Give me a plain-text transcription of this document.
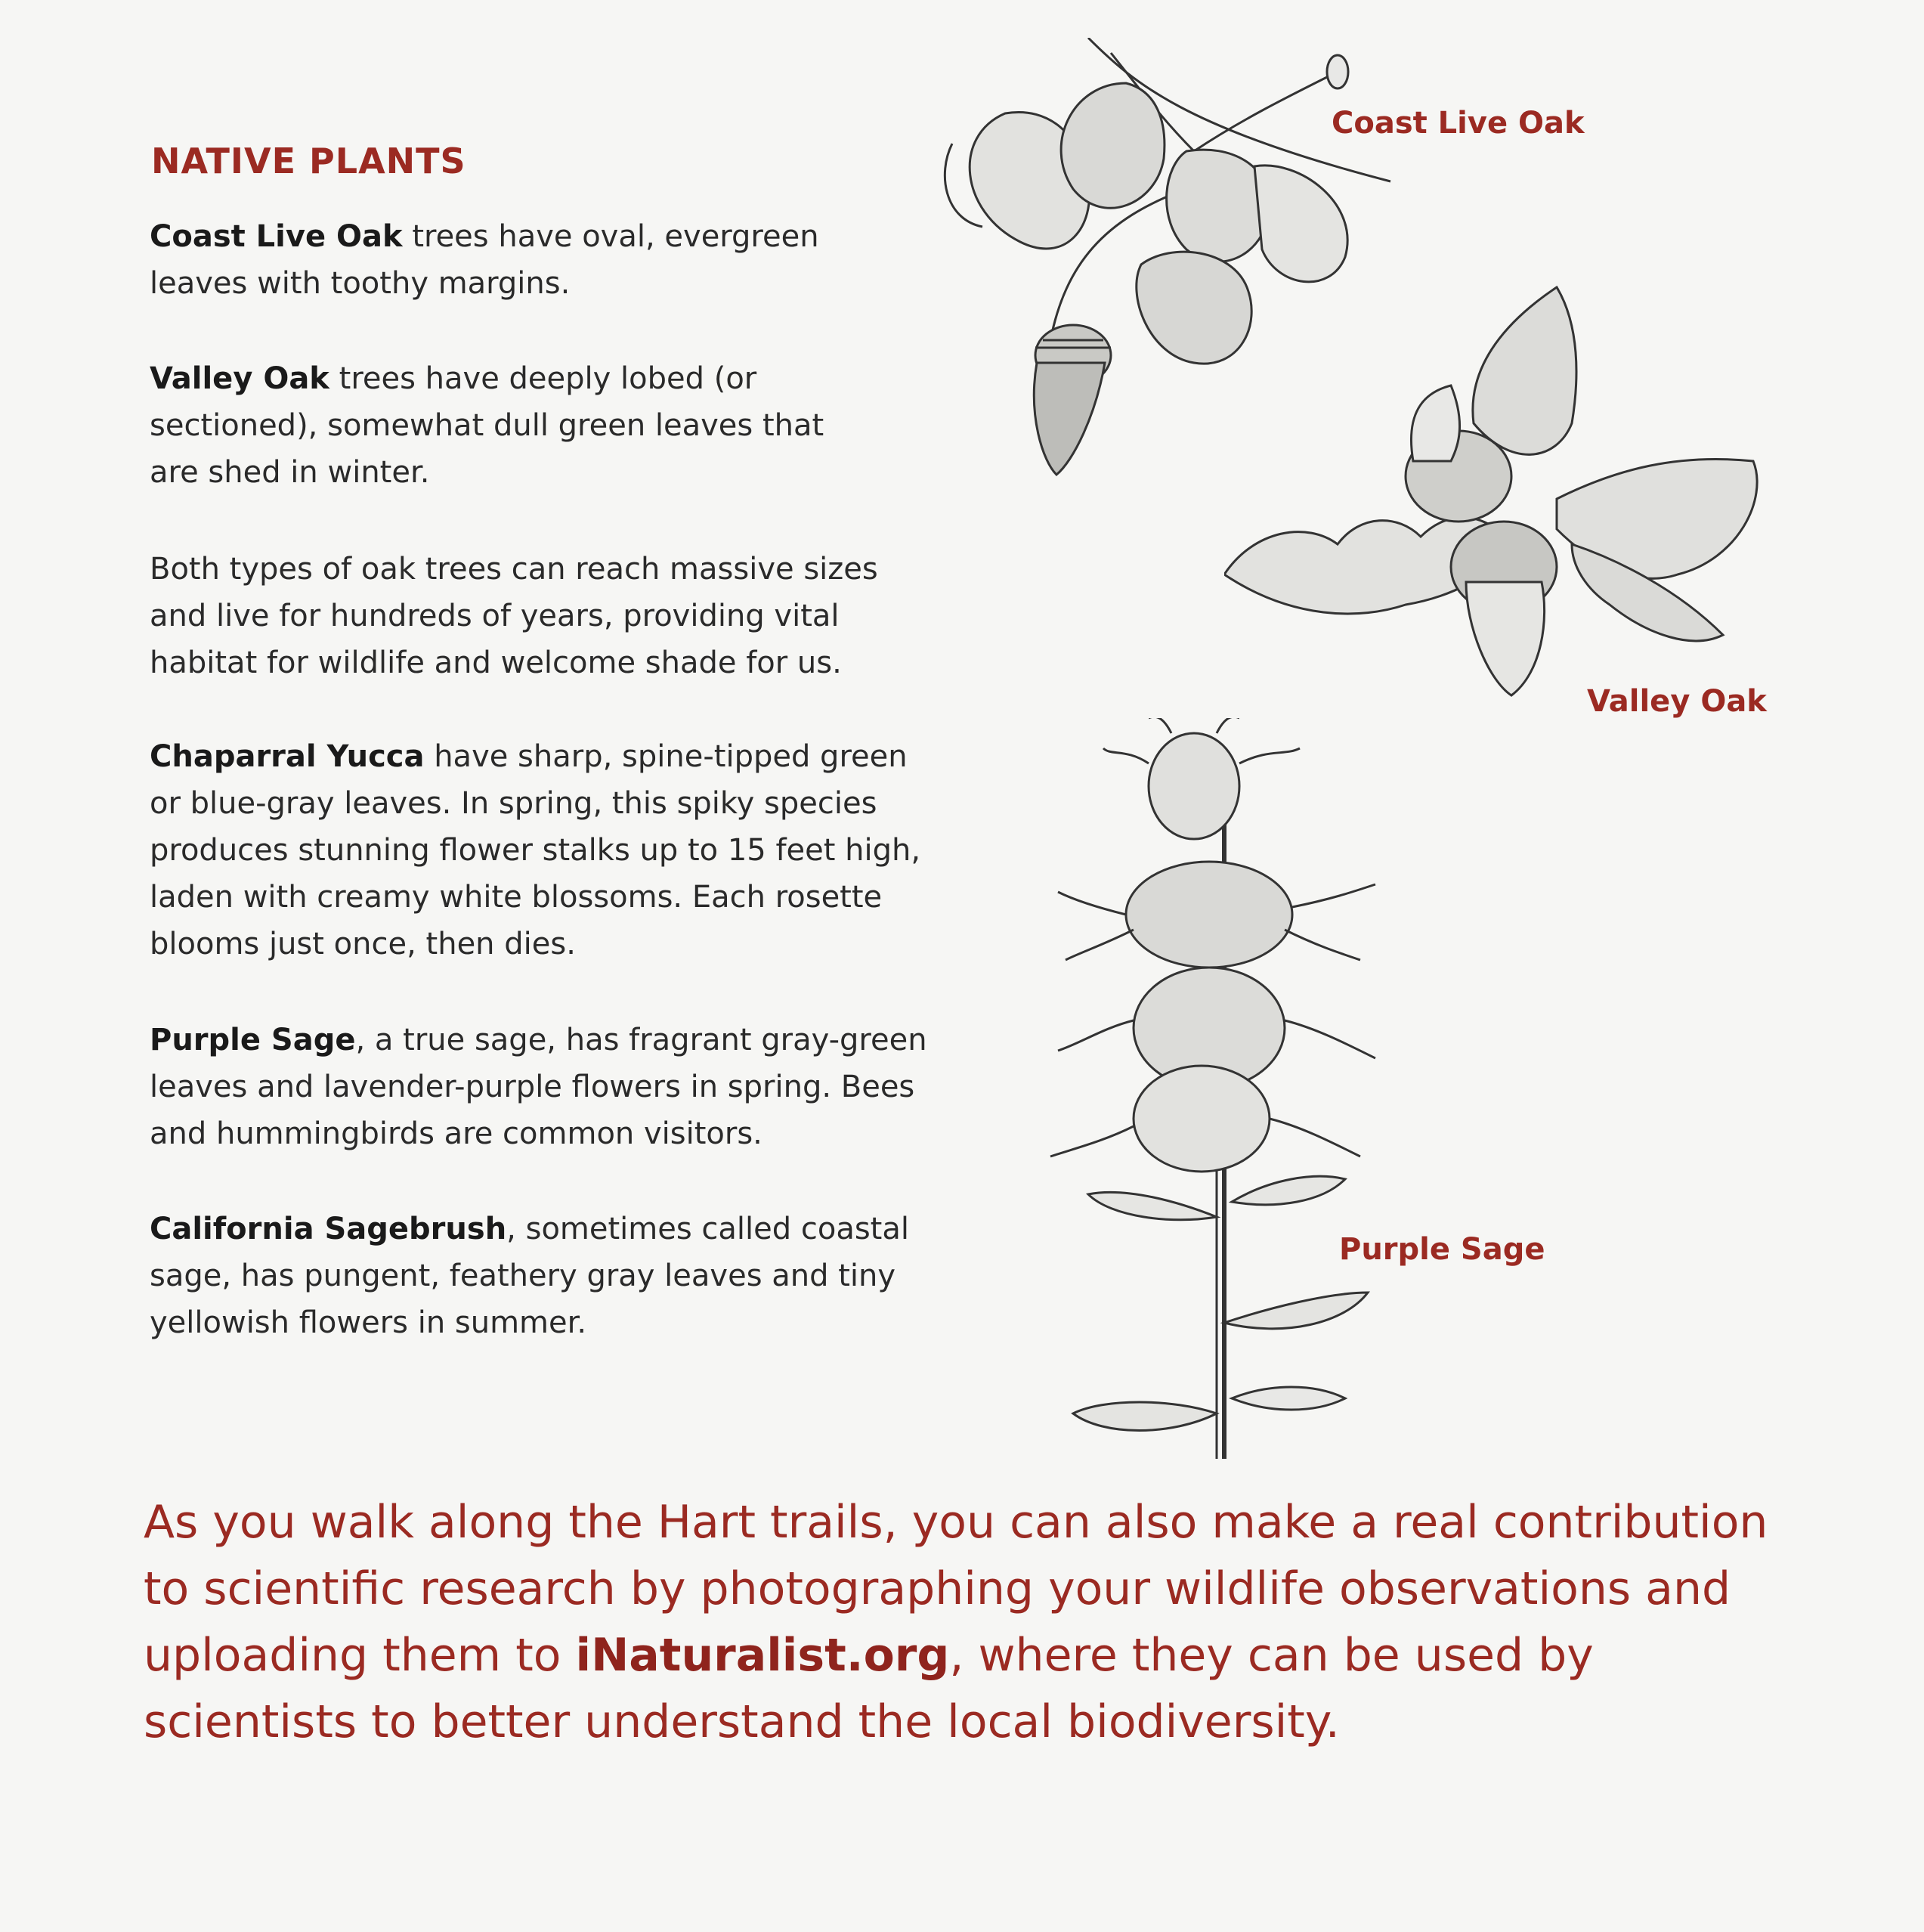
NATIVE PLANTS

Coast Live Oak trees have oval, evergreen leaves with toothy margins.

Valley Oak trees have deeply lobed (or sectioned), somewhat dull green leaves that are shed in winter.

Both types of oak trees can reach massive sizes and live for hundreds of years, providing vital habitat for wildlife and welcome shade for us.

Chaparral Yucca have sharp, spine-tipped green or blue-gray leaves. In spring, this spiky species produces stunning flower stalks up to 15 feet high, laden with creamy white blossoms. Each rosette blooms just once, then dies.

Purple Sage, a true sage, has fragrant gray-green leaves and lavender-purple flowers in spring. Bees and hummingbirds are common visitors.

California Sagebrush, sometimes called coastal sage, has pungent, feathery gray leaves and tiny yellowish flowers in summer.

Coast Live Oak
Valley Oak
Purple Sage

As you walk along the Hart trails, you can also make a real contribution to scientific research by photographing your wildlife observations and uploading them to iNaturalist.org, where they can be used by scientists to better understand the local biodiversity.
